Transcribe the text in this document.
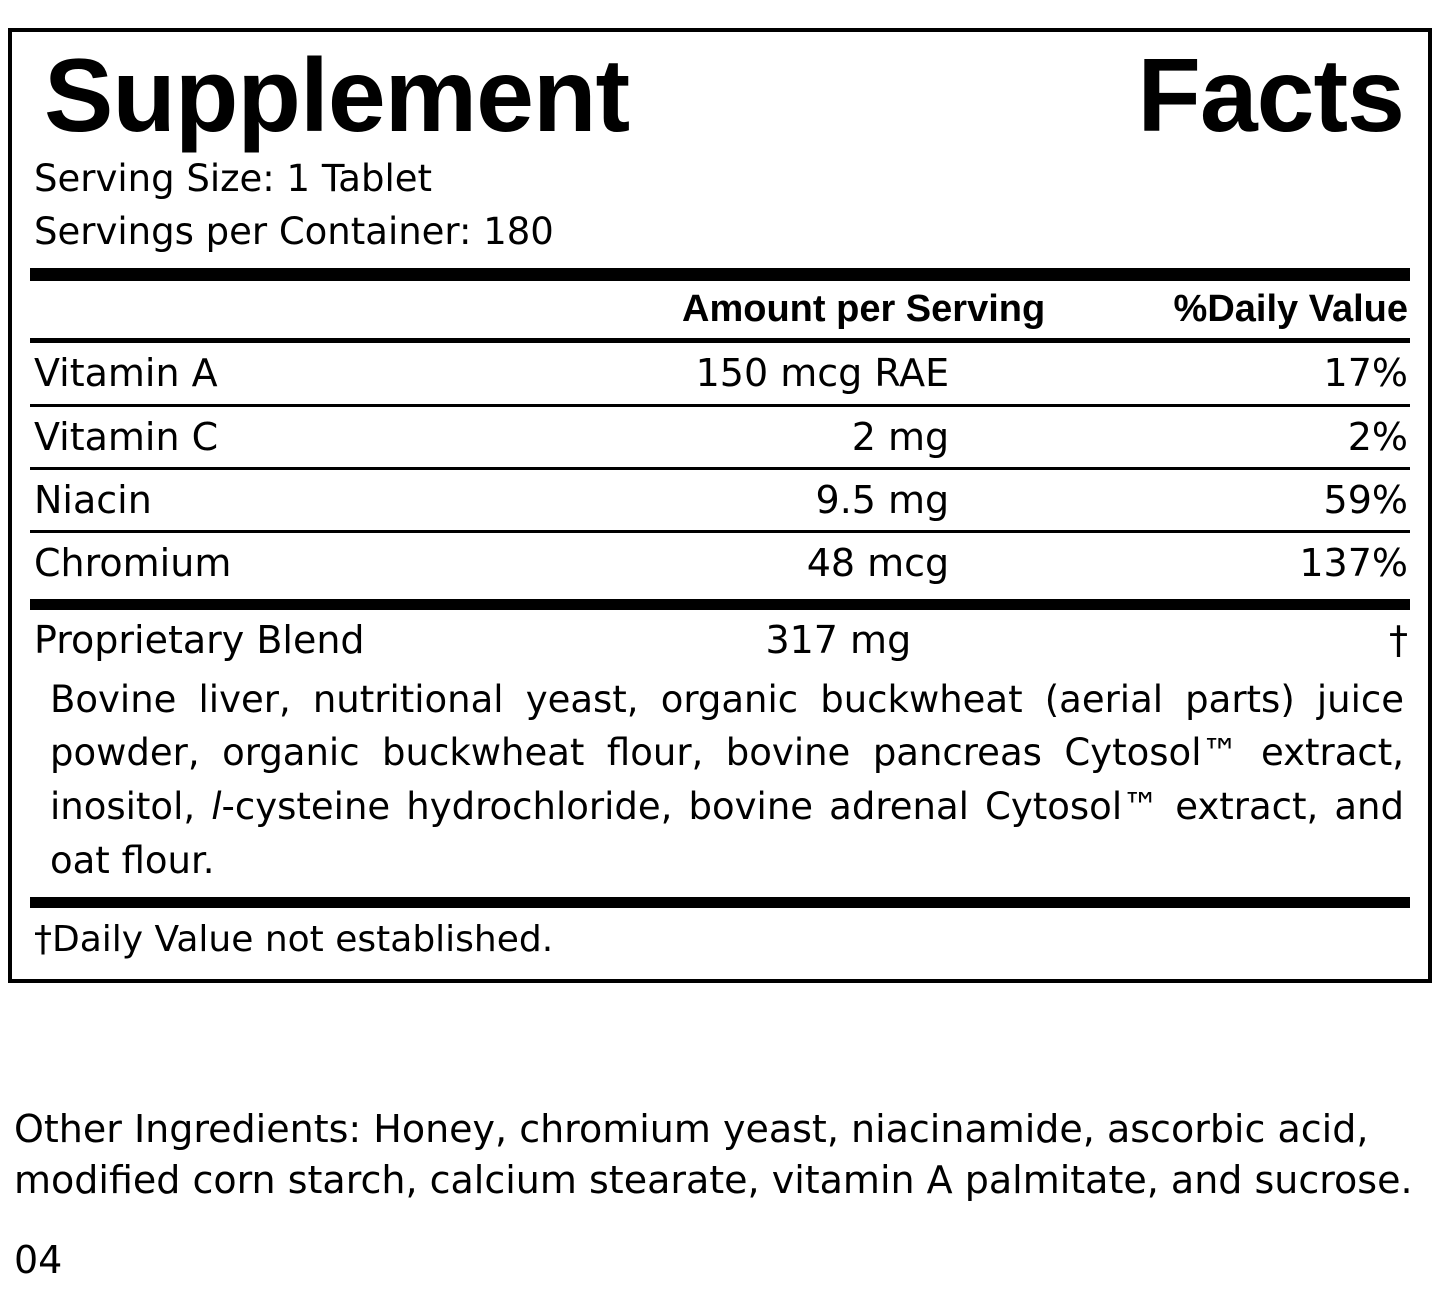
Supplement	Facts
Serving Size: 1 Tablet
Servings per Container: 180
	Amount per Serving	%Daily Value
Vitamin A	150 mcg RAE	17%
Vitamin C	2 mg	2%
Niacin	9.5 mg	59%
Chromium	48 mcg	137%
Proprietary Blend	317 mg	†
Bovine liver, nutritional yeast, organic buckwheat (aerial parts) juice powder, organic buckwheat flour, bovine pancreas Cytosol™ extract, inositol, l-cysteine hydrochloride, bovine adrenal Cytosol™ extract, and oat flour.
†Daily Value not established.
Other Ingredients: Honey, chromium yeast, niacinamide, ascorbic acid, modified corn starch, calcium stearate, vitamin A palmitate, and sucrose.
04
